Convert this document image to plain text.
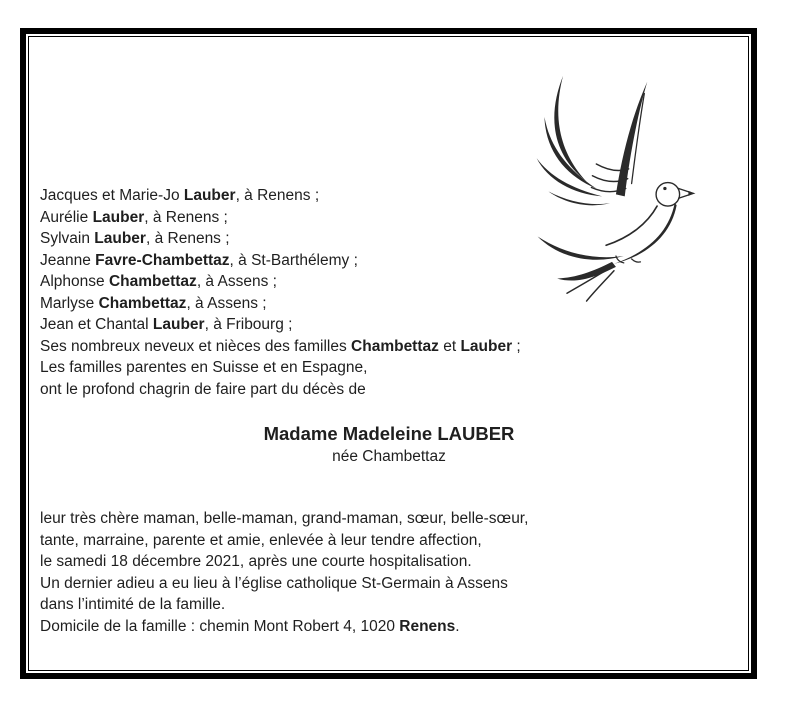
Jacques et Marie-Jo Lauber, à Renens ;
Aurélie Lauber, à Renens ;
Sylvain Lauber, à Renens ;
Jeanne Favre-Chambettaz, à St-Barthélemy ;
Alphonse Chambettaz, à Assens ;
Marlyse Chambettaz, à Assens ;
Jean et Chantal Lauber, à Fribourg ;
Ses nombreux neveux et nièces des familles Chambettaz et Lauber ;
Les familles parentes en Suisse et en Espagne,
ont le profond chagrin de faire part du décès de
Madame Madeleine LAUBER
née Chambettaz
leur très chère maman, belle-maman, grand-maman, sœur, belle-sœur,
tante, marraine, parente et amie, enlevée à leur tendre affection,
le samedi 18 décembre 2021, après une courte hospitalisation.
Un dernier adieu a eu lieu à l’église catholique St-Germain à Assens
dans l’intimité de la famille.
Domicile de la famille : chemin Mont Robert 4, 1020 Renens.
